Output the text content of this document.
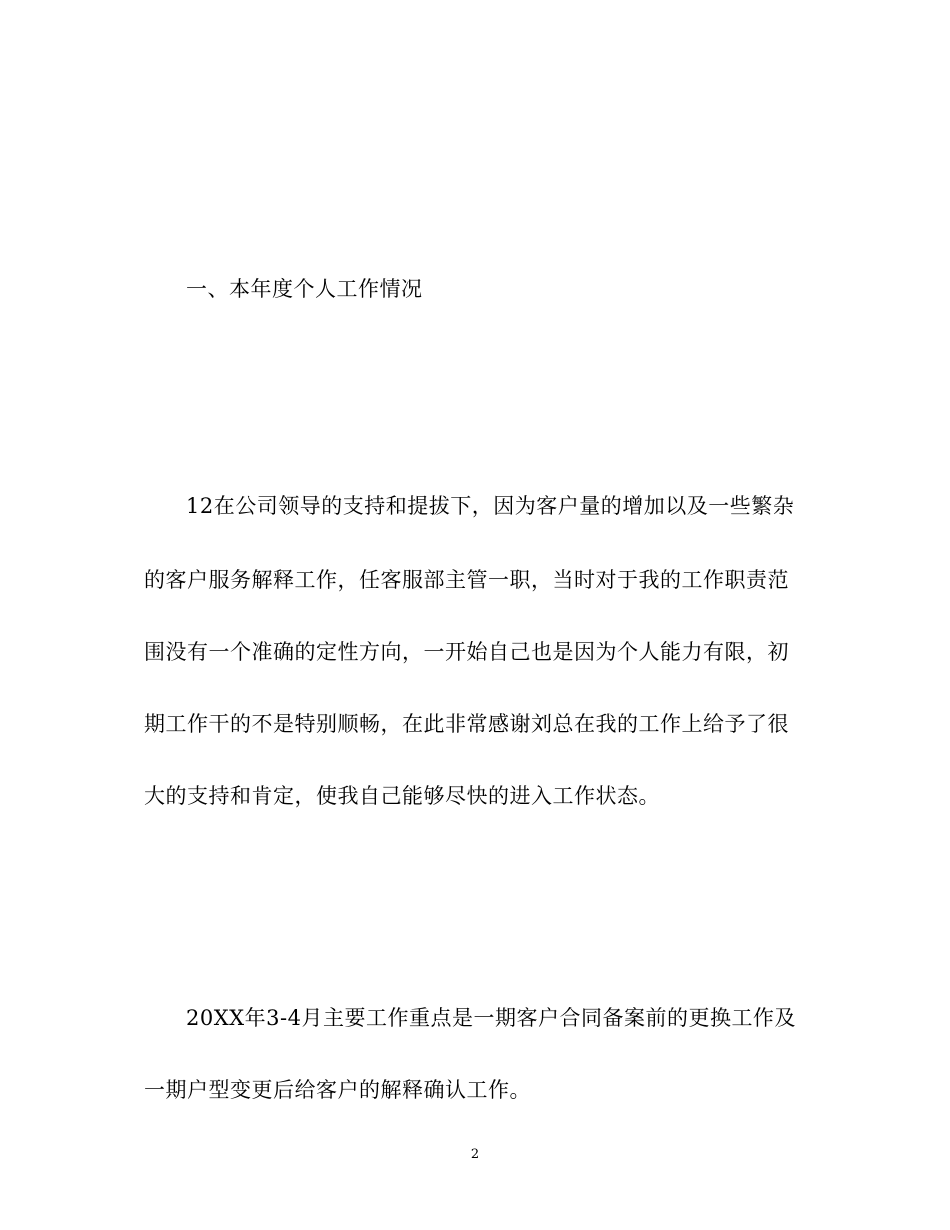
一、本年度个人工作情况
12在公司领导的支持和提拔下，因为客户量的增加以及一些繁杂
的客户服务解释工作，任客服部主管一职，当时对于我的工作职责范
围没有一个准确的定性方向，一开始自己也是因为个人能力有限，初
期工作干的不是特别顺畅，在此非常感谢刘总在我的工作上给予了很
大的支持和肯定，使我自己能够尽快的进入工作状态。
20XX年3-4月主要工作重点是一期客户合同备案前的更换工作及
一期户型变更后给客户的解释确认工作。
2
